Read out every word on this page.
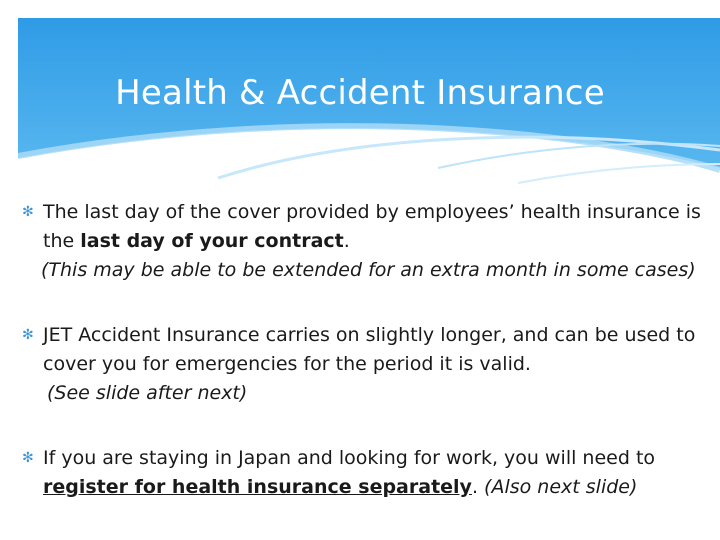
Health & Accident Insurance
✻ The last day of the cover provided by employees’ health insurance is the last day of your contract.
(This may be able to be extended for an extra month in some cases)
✻ JET Accident Insurance carries on slightly longer, and can be used to cover you for emergencies for the period it is valid.
(See slide after next)
✻ If you are staying in Japan and looking for work, you will need to register for health insurance separately. (Also next slide)
